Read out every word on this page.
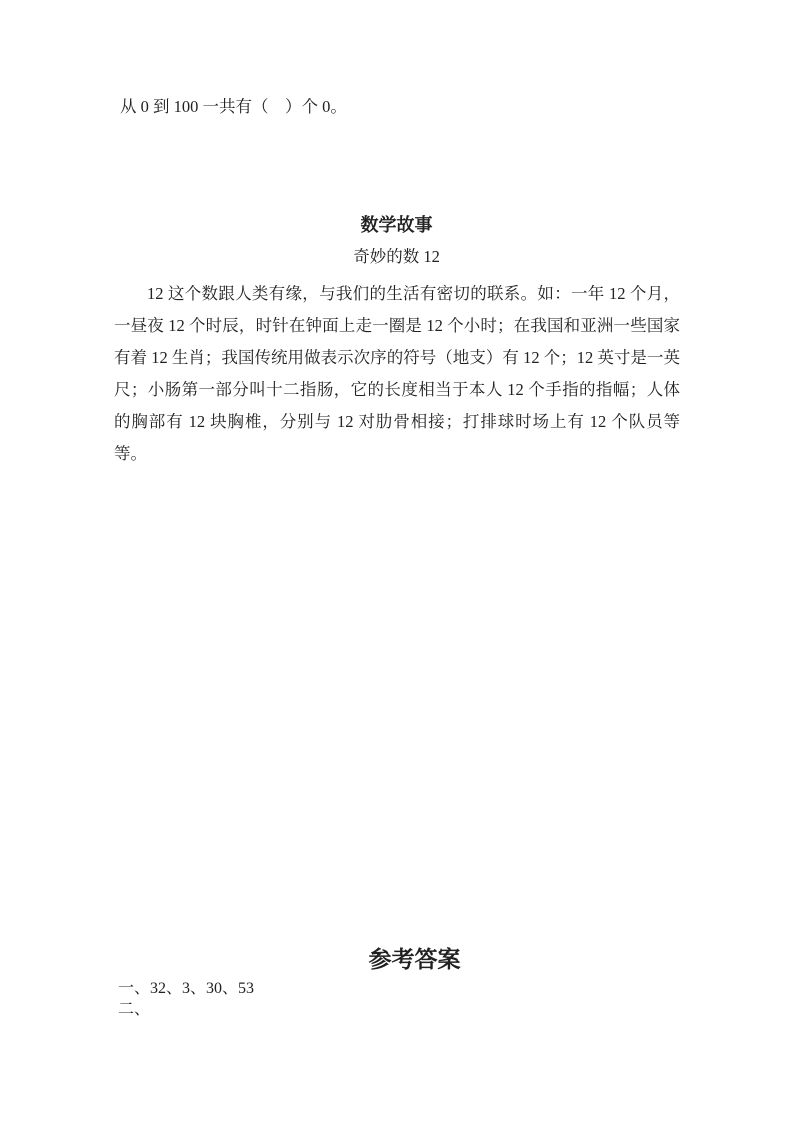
从 0 到 100 一共有（　）个 0。

数学故事

奇妙的数 12

12 这个数跟人类有缘，与我们的生活有密切的联系。如：一年 12 个月，一昼夜 12 个时辰，时针在钟面上走一圈是 12 个小时；在我国和亚洲一些国家有着 12 生肖；我国传统用做表示次序的符号（地支）有 12 个；12 英寸是一英尺；小肠第一部分叫十二指肠，它的长度相当于本人 12 个手指的指幅；人体的胸部有 12 块胸椎，分别与 12 对肋骨相接；打排球时场上有 12 个队员等等。

参考答案

一、32、3、30、53

二、
